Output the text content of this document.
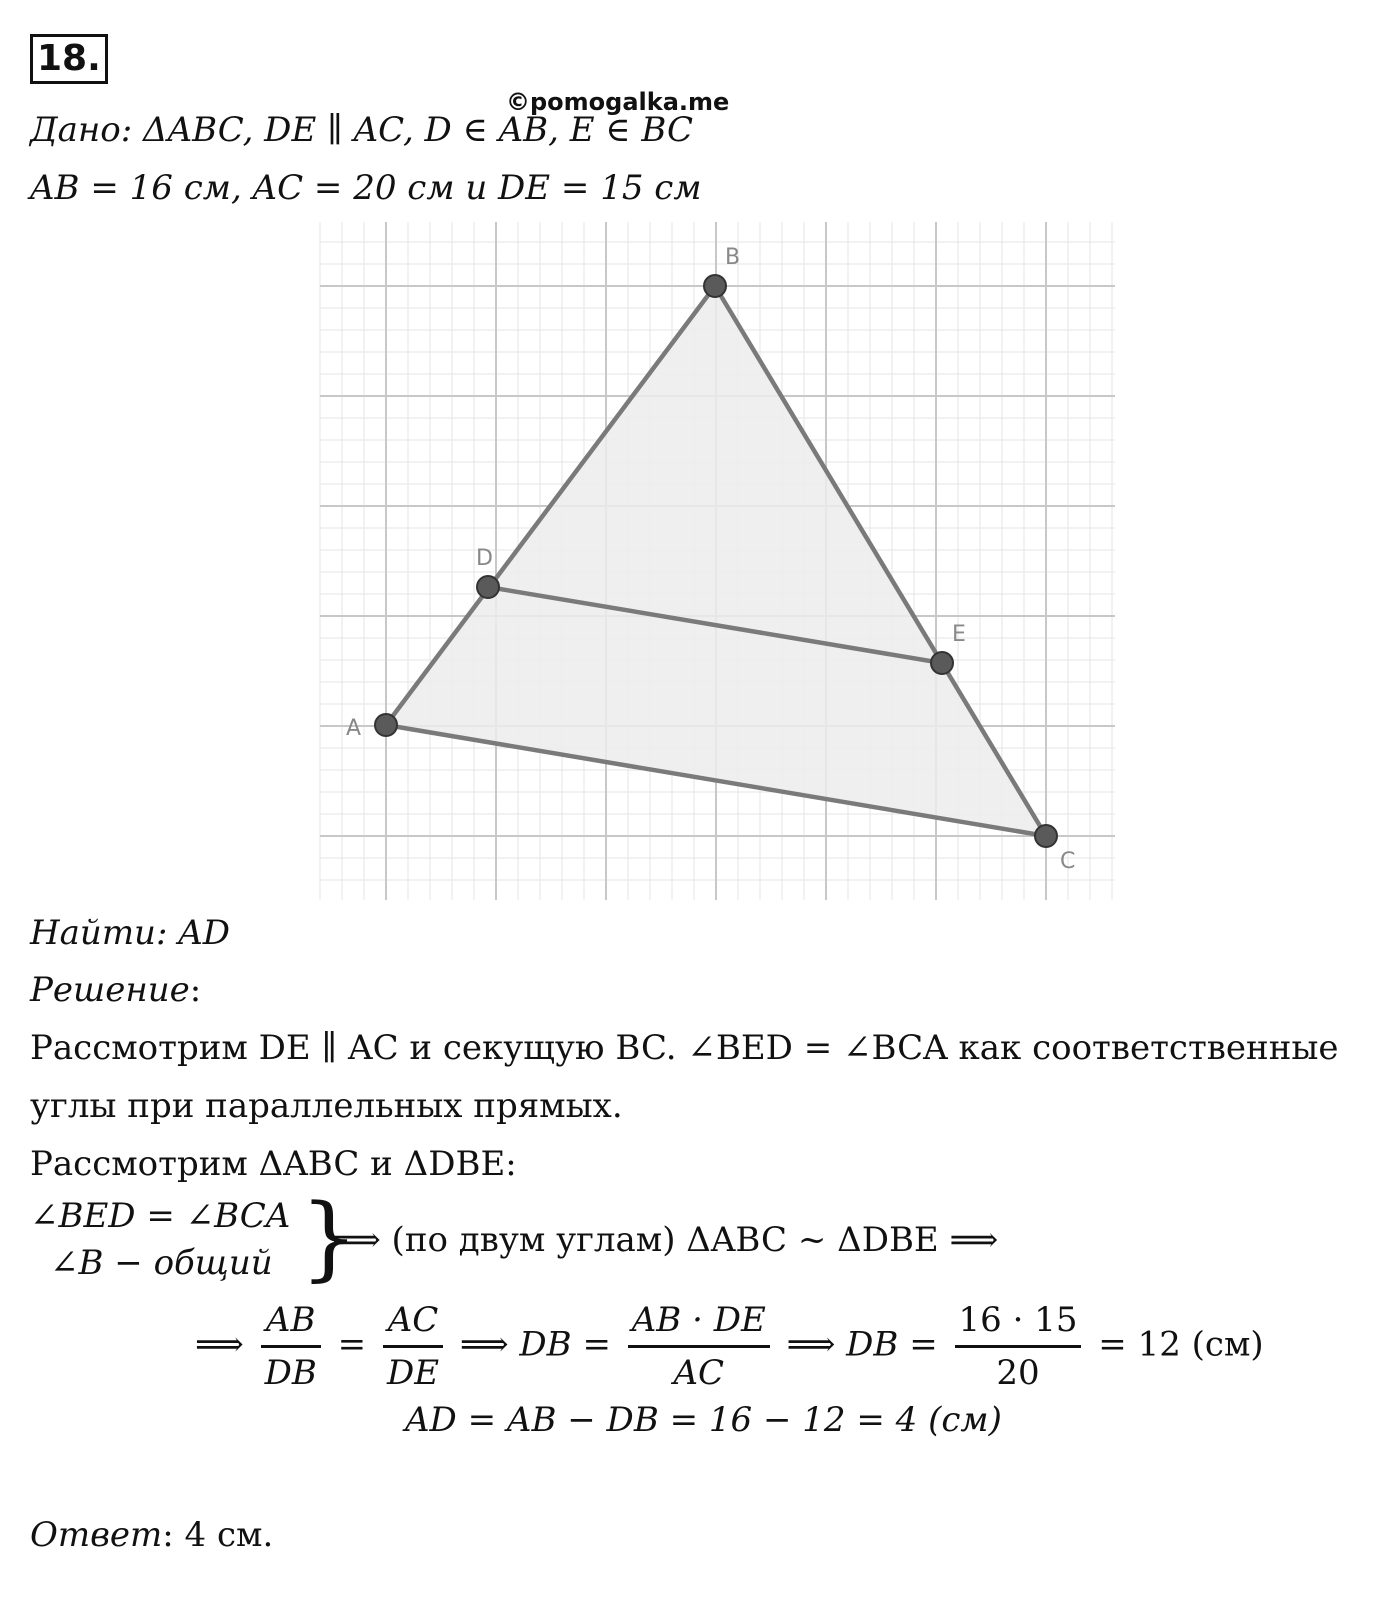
18.
©pomogalka.me
Дано: ΔABC, DE ∥ AC, D ∈ AB, E ∈ BC
AB = 16 см, AC = 20 см и DE = 15 см
A
B
C
D
E
Найти: AD
Решение:
Рассмотрим DE ∥ AC и секущую BC. ∠BED = ∠BCA как соответственные
углы при параллельных прямых.
Рассмотрим ΔABC и ΔDBE:
∠BED = ∠BCA
∠B − общий }
⟹ (по двум углам) ΔABC ~ ΔDBE ⟹
⟹ $\frac{AB}{DB} = \frac{AC}{DE}$ ⟹ DB = $\frac{AB \cdot DE}{AC}$ ⟹ DB = $\frac{16 \cdot 15}{20} = 12$ (см)
AD = AB − DB = 16 − 12 = 4 (см)
Ответ: 4 см.
